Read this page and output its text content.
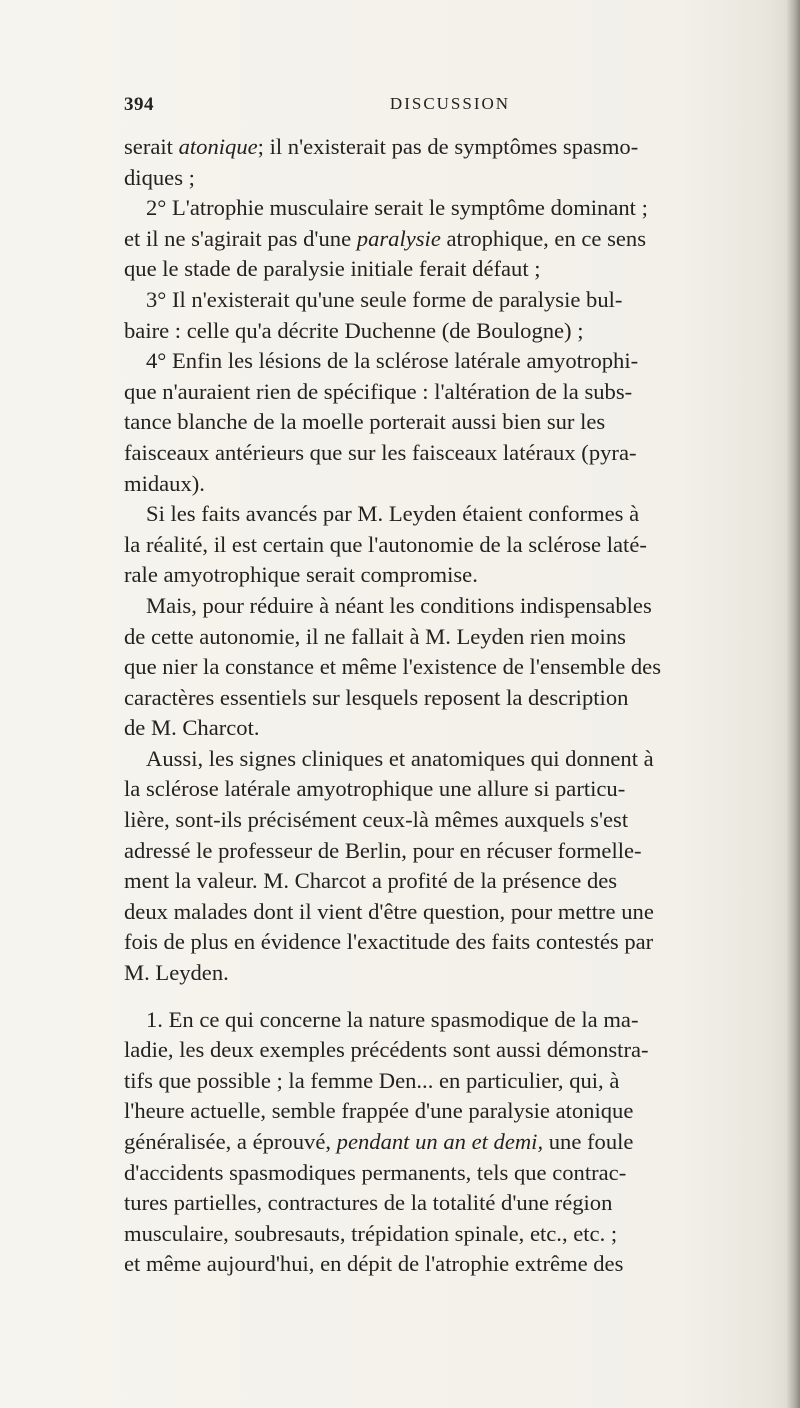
394	DISCUSSION
serait atonique; il n'existerait pas de symptômes spasmo-
diques ;
2° L'atrophie musculaire serait le symptôme dominant ;
et il ne s'agirait pas d'une paralysie atrophique, en ce sens
que le stade de paralysie initiale ferait défaut ;
3° Il n'existerait qu'une seule forme de paralysie bul-
baire : celle qu'a décrite Duchenne (de Boulogne) ;
4° Enfin les lésions de la sclérose latérale amyotrophi-
que n'auraient rien de spécifique : l'altération de la subs-
tance blanche de la moelle porterait aussi bien sur les
faisceaux antérieurs que sur les faisceaux latéraux (pyra-
midaux).
Si les faits avancés par M. Leyden étaient conformes à
la réalité, il est certain que l'autonomie de la sclérose laté-
rale amyotrophique serait compromise.
Mais, pour réduire à néant les conditions indispensables
de cette autonomie, il ne fallait à M. Leyden rien moins
que nier la constance et même l'existence de l'ensemble des
caractères essentiels sur lesquels reposent la description
de M. Charcot.
Aussi, les signes cliniques et anatomiques qui donnent à
la sclérose latérale amyotrophique une allure si particu-
lière, sont-ils précisément ceux-là mêmes auxquels s'est
adressé le professeur de Berlin, pour en récuser formelle-
ment la valeur. M. Charcot a profité de la présence des
deux malades dont il vient d'être question, pour mettre une
fois de plus en évidence l'exactitude des faits contestés par
M. Leyden.
1. En ce qui concerne la nature spasmodique de la ma-
ladie, les deux exemples précédents sont aussi démonstra-
tifs que possible ; la femme Den... en particulier, qui, à
l'heure actuelle, semble frappée d'une paralysie atonique
généralisée, a éprouvé, pendant un an et demi, une foule
d'accidents spasmodiques permanents, tels que contrac-
tures partielles, contractures de la totalité d'une région
musculaire, soubresauts, trépidation spinale, etc., etc. ;
et même aujourd'hui, en dépit de l'atrophie extrême des
